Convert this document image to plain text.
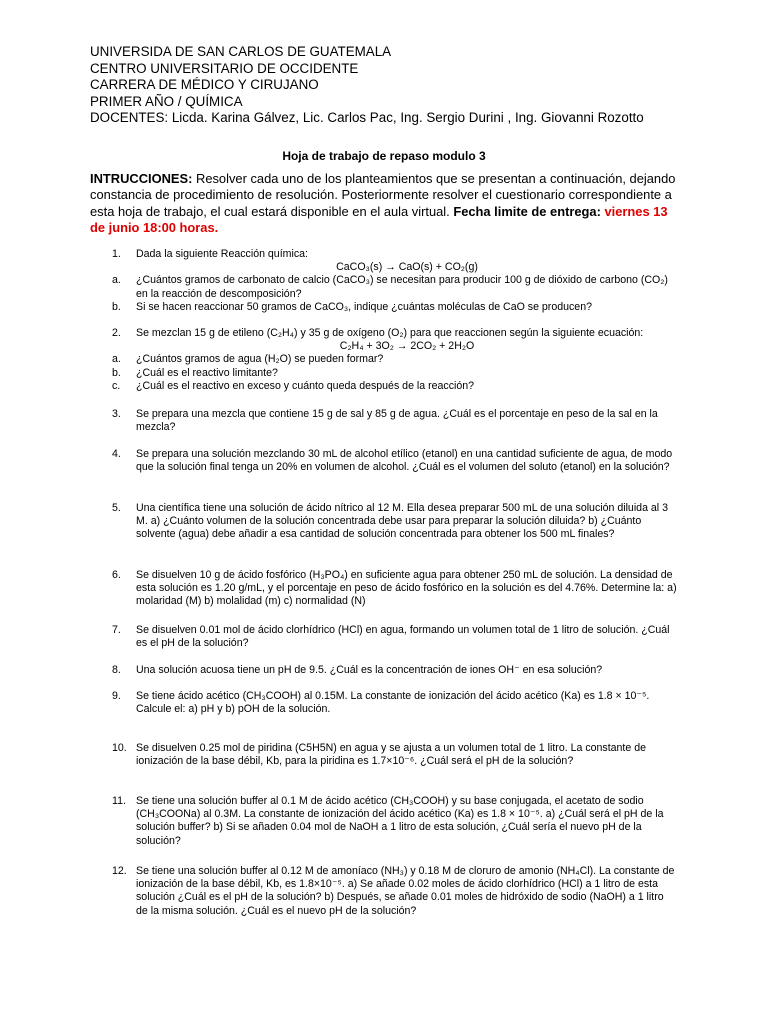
UNIVERSIDA DE SAN CARLOS DE GUATEMALA
CENTRO UNIVERSITARIO DE OCCIDENTE
CARRERA DE MÉDICO Y CIRUJANO
PRIMER AÑO / QUÍMICA
DOCENTES: Licda. Karina Gálvez, Lic. Carlos Pac, Ing. Sergio Durini , Ing. Giovanni Rozotto
Hoja de trabajo de repaso modulo 3
INTRUCCIONES: Resolver cada uno de los planteamientos que se presentan a continuación, dejando constancia de procedimiento de resolución. Posteriormente resolver el cuestionario correspondiente a esta hoja de trabajo, el cual estará disponible en el aula virtual. Fecha limite de entrega: viernes 13 de junio 18:00 horas.
1.	Dada la siguiente Reacción química:
CaCO₃(s) → CaO(s) + CO₂(g)
a. ¿Cuántos gramos de carbonato de calcio (CaCO₃) se necesitan para producir 100 g de dióxido de carbono (CO₂) en la reacción de descomposición?
b. Si se hacen reaccionar 50 gramos de CaCO₃, indique ¿cuántas moléculas de CaO se producen?
2.	Se mezclan 15 g de etileno (C₂H₄) y 35 g de oxígeno (O₂) para que reaccionen según la siguiente ecuación:
C₂H₄ + 3O₂ → 2CO₂ + 2H₂O
a. ¿Cuántos gramos de agua (H₂O) se pueden formar?
b. ¿Cuál es el reactivo limitante?
c. ¿Cuál es el reactivo en exceso y cuánto queda después de la reacción?
3.	Se prepara una mezcla que contiene 15 g de sal y 85 g de agua. ¿Cuál es el porcentaje en peso de la sal en la mezcla?
4.	Se prepara una solución mezclando 30 mL de alcohol etílico (etanol) en una cantidad suficiente de agua, de modo que la solución final tenga un 20% en volumen de alcohol. ¿Cuál es el volumen del soluto (etanol) en la solución?
5.	Una científica tiene una solución de ácido nítrico al 12 M. Ella desea preparar 500 mL de una solución diluida al 3 M. a) ¿Cuánto volumen de la solución concentrada debe usar para preparar la solución diluida? b) ¿Cuánto solvente (agua) debe añadir a esa cantidad de solución concentrada para obtener los 500 mL finales?
6.	Se disuelven 10 g de ácido fosfórico (H₃PO₄) en suficiente agua para obtener 250 mL de solución. La densidad de esta solución es 1.20 g/mL, y el porcentaje en peso de ácido fosfórico en la solución es del 4.76%. Determine la: a) molaridad (M) b) molalidad (m) c) normalidad (N)
7.	Se disuelven 0.01 mol de ácido clorhídrico (HCl) en agua, formando un volumen total de 1 litro de solución. ¿Cuál es el pH de la solución?
8.	Una solución acuosa tiene un pH de 9.5. ¿Cuál es la concentración de iones OH⁻ en esa solución?
9.	Se tiene ácido acético (CH₃COOH) al 0.15M. La constante de ionización del ácido acético (Ka) es 1.8 × 10⁻⁵. Calcule el: a) pH y b) pOH de la solución.
10. Se disuelven 0.25 mol de piridina (C5H5N) en agua y se ajusta a un volumen total de 1 litro. La constante de ionización de la base débil, Kb, para la piridina es 1.7×10⁻⁶. ¿Cuál será el pH de la solución?
11. Se tiene una solución buffer al 0.1 M de ácido acético (CH₃COOH) y su base conjugada, el acetato de sodio (CH₃COONa) al 0.3M. La constante de ionización del ácido acético (Ka) es 1.8 × 10⁻⁵. a) ¿Cuál será el pH de la solución buffer? b) Si se añaden 0.04 mol de NaOH a 1 litro de esta solución, ¿Cuál sería el nuevo pH de la solución?
12. Se tiene una solución buffer al 0.12 M de amoníaco (NH₃) y 0.18 M de cloruro de amonio (NH₄Cl). La constante de ionización de la base débil, Kb, es 1.8×10⁻⁵. a) Se añade 0.02 moles de ácido clorhídrico (HCl) a 1 litro de esta solución ¿Cuál es el pH de la solución? b) Después, se añade 0.01 moles de hidróxido de sodio (NaOH) a 1 litro de la misma solución. ¿Cuál es el nuevo pH de la solución?
